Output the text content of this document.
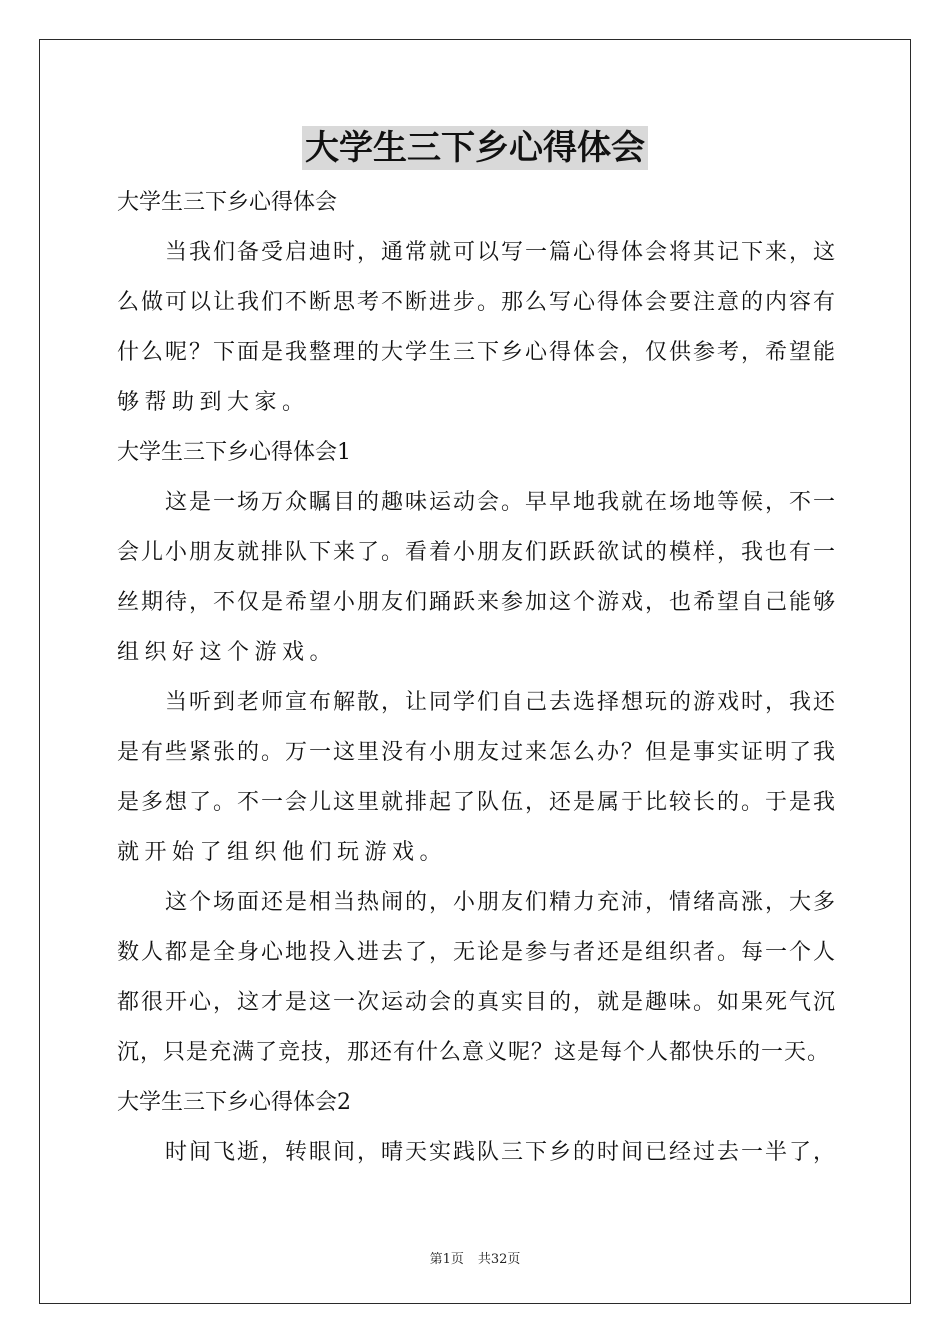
大学生三下乡心得体会
大学生三下乡心得体会
当我们备受启迪时，通常就可以写一篇心得体会将其记下来，这
么做可以让我们不断思考不断进步。那么写心得体会要注意的内容有
什么呢？下面是我整理的大学生三下乡心得体会，仅供参考，希望能
够帮助到大家。
大学生三下乡心得体会1
这是一场万众瞩目的趣味运动会。早早地我就在场地等候，不一
会儿小朋友就排队下来了。看着小朋友们跃跃欲试的模样，我也有一
丝期待，不仅是希望小朋友们踊跃来参加这个游戏，也希望自己能够
组织好这个游戏。
当听到老师宣布解散，让同学们自己去选择想玩的游戏时，我还
是有些紧张的。万一这里没有小朋友过来怎么办？但是事实证明了我
是多想了。不一会儿这里就排起了队伍，还是属于比较长的。于是我
就开始了组织他们玩游戏。
这个场面还是相当热闹的，小朋友们精力充沛，情绪高涨，大多
数人都是全身心地投入进去了，无论是参与者还是组织者。每一个人
都很开心，这才是这一次运动会的真实目的，就是趣味。如果死气沉
沉，只是充满了竞技，那还有什么意义呢？这是每个人都快乐的一天。
大学生三下乡心得体会2
时间飞逝，转眼间，晴天实践队三下乡的时间已经过去一半了，
第1页 共32页
